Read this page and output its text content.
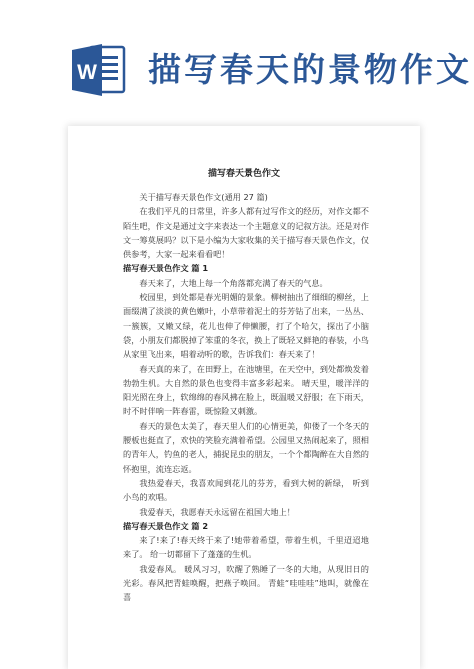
W 描写春天的景物作文
描写春天景色作文

关于描写春天景色作文(通用 27 篇)

在我们平凡的日常里，许多人都有过写作文的经历，对作文都不陌生吧，作文是通过文字来表达一个主题意义的记叙方法。还是对作文一筹莫展吗？以下是小编为大家收集的关于描写春天景色作文，仅供参考，大家一起来看看吧！

描写春天景色作文 篇 1

春天来了，大地上每一个角落都充满了春天的气息。

校园里，到处都是春光明媚的景象。柳树抽出了细细的柳丝，上面缀满了淡淡的黄色嫩叶，小草带着泥土的芬芳钻了出来，一丛丛、一簇簇，又嫩又绿，花儿也伸了伸懒腰，打了个哈欠，探出了小脑袋，小朋友们都脱掉了笨重的冬衣，换上了既轻又鲜艳的春装，小鸟从家里飞出来，唱着动听的歌，告诉我们：春天来了！

春天真的来了，在田野上，在池塘里，在天空中，到处都焕发着勃勃生机。大自然的景色也变得丰富多彩起来。 晴天里，暖洋洋的阳光照在身上，软绵绵的春风拂在脸上，既温暖又舒服；在下雨天，时不时伴响一阵春雷，既惊险又刺激。

春天的景色太美了，春天里人们的心情更美，仰偻了一个冬天的腰板也挺直了，欢快的笑脸充满着希望。公园里又热闹起来了，照相的青年人，钓鱼的老人，捕捉昆虫的朋友，一个个都陶醉在大自然的怀抱里，流连忘返。

我热爱春天，我喜欢闻到花儿的芬芳，看到大树的新绿， 听到小鸟的欢唱。

我爱春天，我愿春天永远留在祖国大地上！

描写春天景色作文 篇 2

来了!来了!春天终于来了!她带着希望，带着生机，千里迢迢地来了。 给一切都留下了蓬蓬的生机。

我爱春风。 暖风习习，吹醒了熟睡了一冬的大地，从现旧日的光彩。春风把青蛙唤醒，把燕子唤回。 青蛙“哇哇哇”地叫，就像在喜
